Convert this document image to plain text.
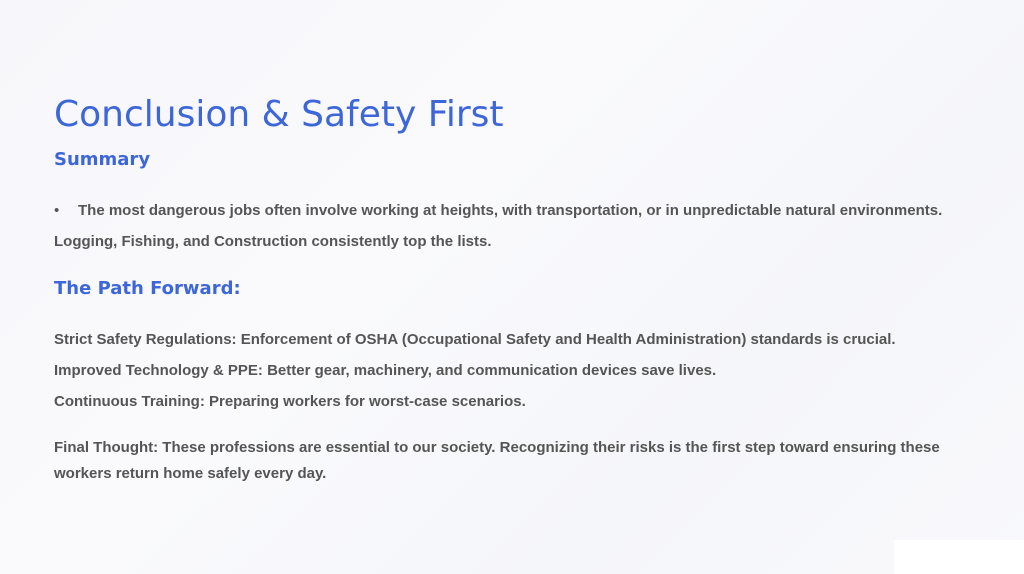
Conclusion & Safety First
Summary

• The most dangerous jobs often involve working at heights, with transportation, or in unpredictable natural environments.

Logging, Fishing, and Construction consistently top the lists.

The Path Forward:

Strict Safety Regulations: Enforcement of OSHA (Occupational Safety and Health Administration) standards is crucial.

Improved Technology & PPE: Better gear, machinery, and communication devices save lives.

Continuous Training: Preparing workers for worst-case scenarios.

Final Thought: These professions are essential to our society. Recognizing their risks is the first step toward ensuring these workers return home safely every day.
